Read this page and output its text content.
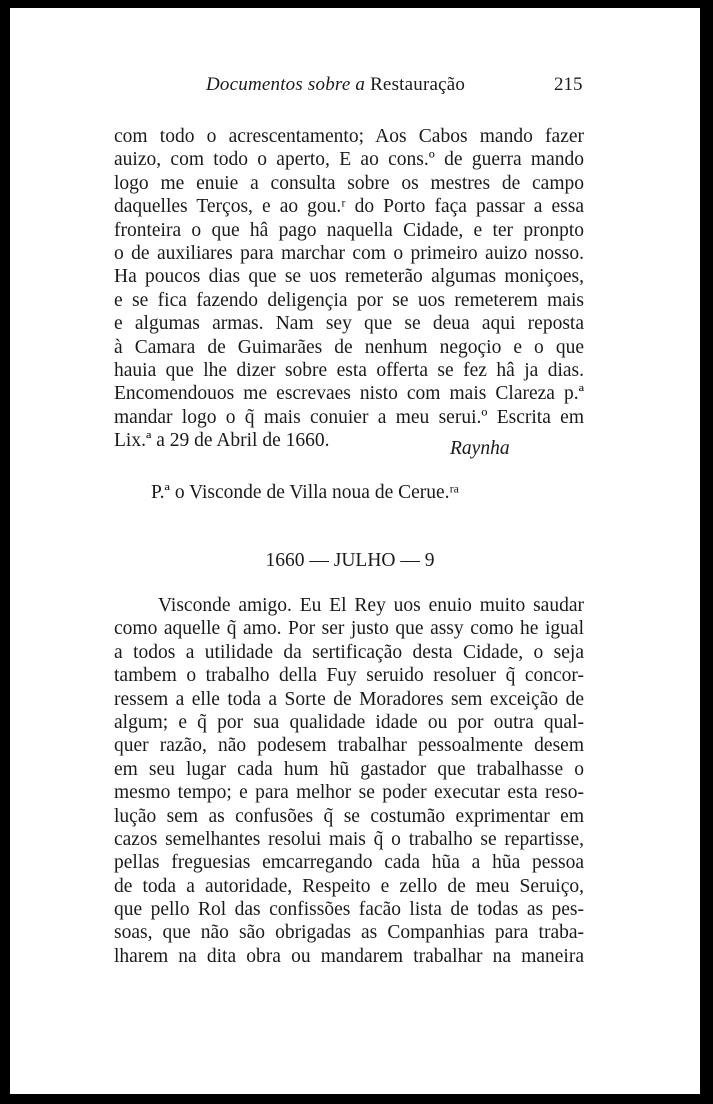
Documentos sobre a Restauração	215
com todo o acrescentamento; Aos Cabos mando fazer
auizo, com todo o aperto, E ao cons.º de guerra mando
logo me enuie a consulta sobre os mestres de campo
daquelles Terços, e ao gou.ʳ do Porto faça passar a essa
fronteira o que hâ pago naquella Cidade, e ter pronpto
o de auxiliares para marchar com o primeiro auizo nosso.
Ha poucos dias que se uos remeterão algumas moniçoes,
e se fica fazendo deligençia por se uos remeterem mais
e algumas armas. Nam sey que se deua aqui reposta
à Camara de Guimarães de nenhum negoçio e o que
hauia que lhe dizer sobre esta offerta se fez hâ ja dias.
Encomendouos me escrevaes nisto com mais Clareza p.ª
mandar logo o q̃ mais conuier a meu serui.º Escrita em
Lix.ª a 29 de Abril de 1660.	Raynha
P.ª o Visconde de Villa noua de Cerue.ʳᵃ
1660 — JULHO — 9
Visconde amigo. Eu El Rey uos enuio muito saudar
como aquelle q̃ amo. Por ser justo que assy como he igual
a todos a utilidade da sertificação desta Cidade, o seja
tambem o trabalho della Fuy seruido resoluer q̃ concor-
ressem a elle toda a Sorte de Moradores sem exceição de
algum; e q̃ por sua qualidade idade ou por outra qual-
quer razão, não podesem trabalhar pessoalmente desem
em seu lugar cada hum hũ gastador que trabalhasse o
mesmo tempo; e para melhor se poder executar esta reso-
lução sem as confusões q̃ se costumão exprimentar em
cazos semelhantes resolui mais q̃ o trabalho se repartisse,
pellas freguesias emcarregando cada hũa a hũa pessoa
de toda a autoridade, Respeito e zello de meu Seruiço,
que pello Rol das confissões facão lista de todas as pes-
soas, que não são obrigadas as Companhias para traba-
lharem na dita obra ou mandarem trabalhar na maneira
